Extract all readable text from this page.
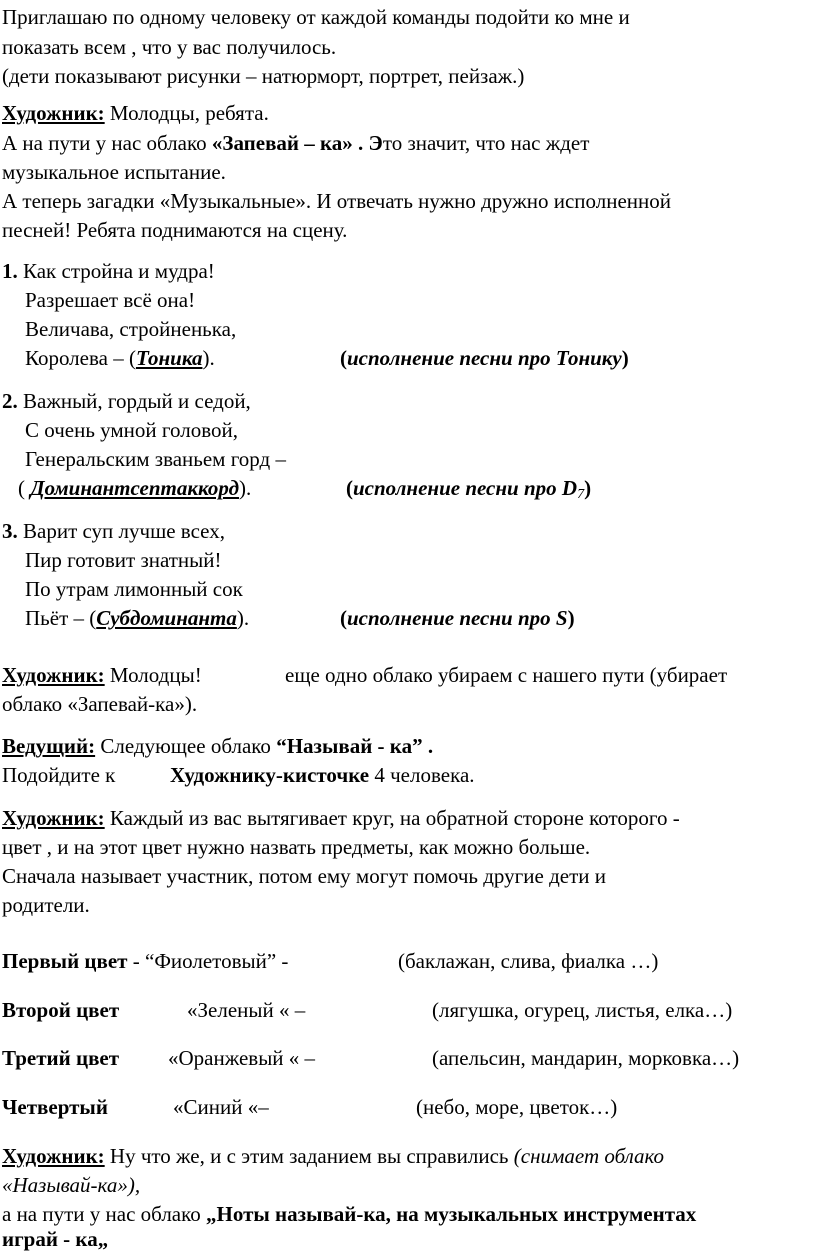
Приглашаю по одному человеку от каждой команды подойти ко мне и
показать всем , что у вас получилось.
(дети показывают рисунки – натюрморт, портрет, пейзаж.)
Художник: Молодцы, ребята.
А на пути у нас облако «Запевай – ка» . Это значит, что нас ждет
музыкальное испытание.
А теперь загадки «Музыкальные». И отвечать нужно дружно исполненной
песней! Ребята поднимаются на сцену.
1. Как стройна и мудра!
Разрешает всё она!
Величава, стройненька,
Королева – (Тоника).	(исполнение песни про Тонику)
2. Важный, гордый и седой,
С очень умной головой,
Генеральским званьем горд –
( Доминантсептаккорд).	(исполнение песни про $D_7$)
3. Варит суп лучше всех,
Пир готовит знатный!
По утрам лимонный сок
Пьёт – (Субдоминанта).	(исполнение песни про S)
Художник: Молодцы!	еще одно облако убираем с нашего пути (убирает
облако «Запевай-ка»).
Ведущий: Следующее облако “Называй - ка” .
Подойдите к	Художнику-кисточке 4 человека.
Художник: Каждый из вас вытягивает круг, на обратной стороне которого -
цвет , и на этот цвет нужно назвать предметы, как можно больше.
Сначала называет участник, потом ему могут помочь другие дети и
родители.
Первый цвет - “Фиолетовый” -	(баклажан, слива, фиалка …)
Второй цвет	«Зеленый « –	(лягушка, огурец, листья, елка…)
Третий цвет «Оранжевый « –	(апельсин, мандарин, морковка…)
Четвертый	«Синий «–	(небо, море, цветок…)
Художник: Ну что же, и с этим заданием вы справились (снимает облако
«Называй-ка»),
а на пути у нас облако „Ноты называй-ка, на музыкальных инструментах
играй - ка„
